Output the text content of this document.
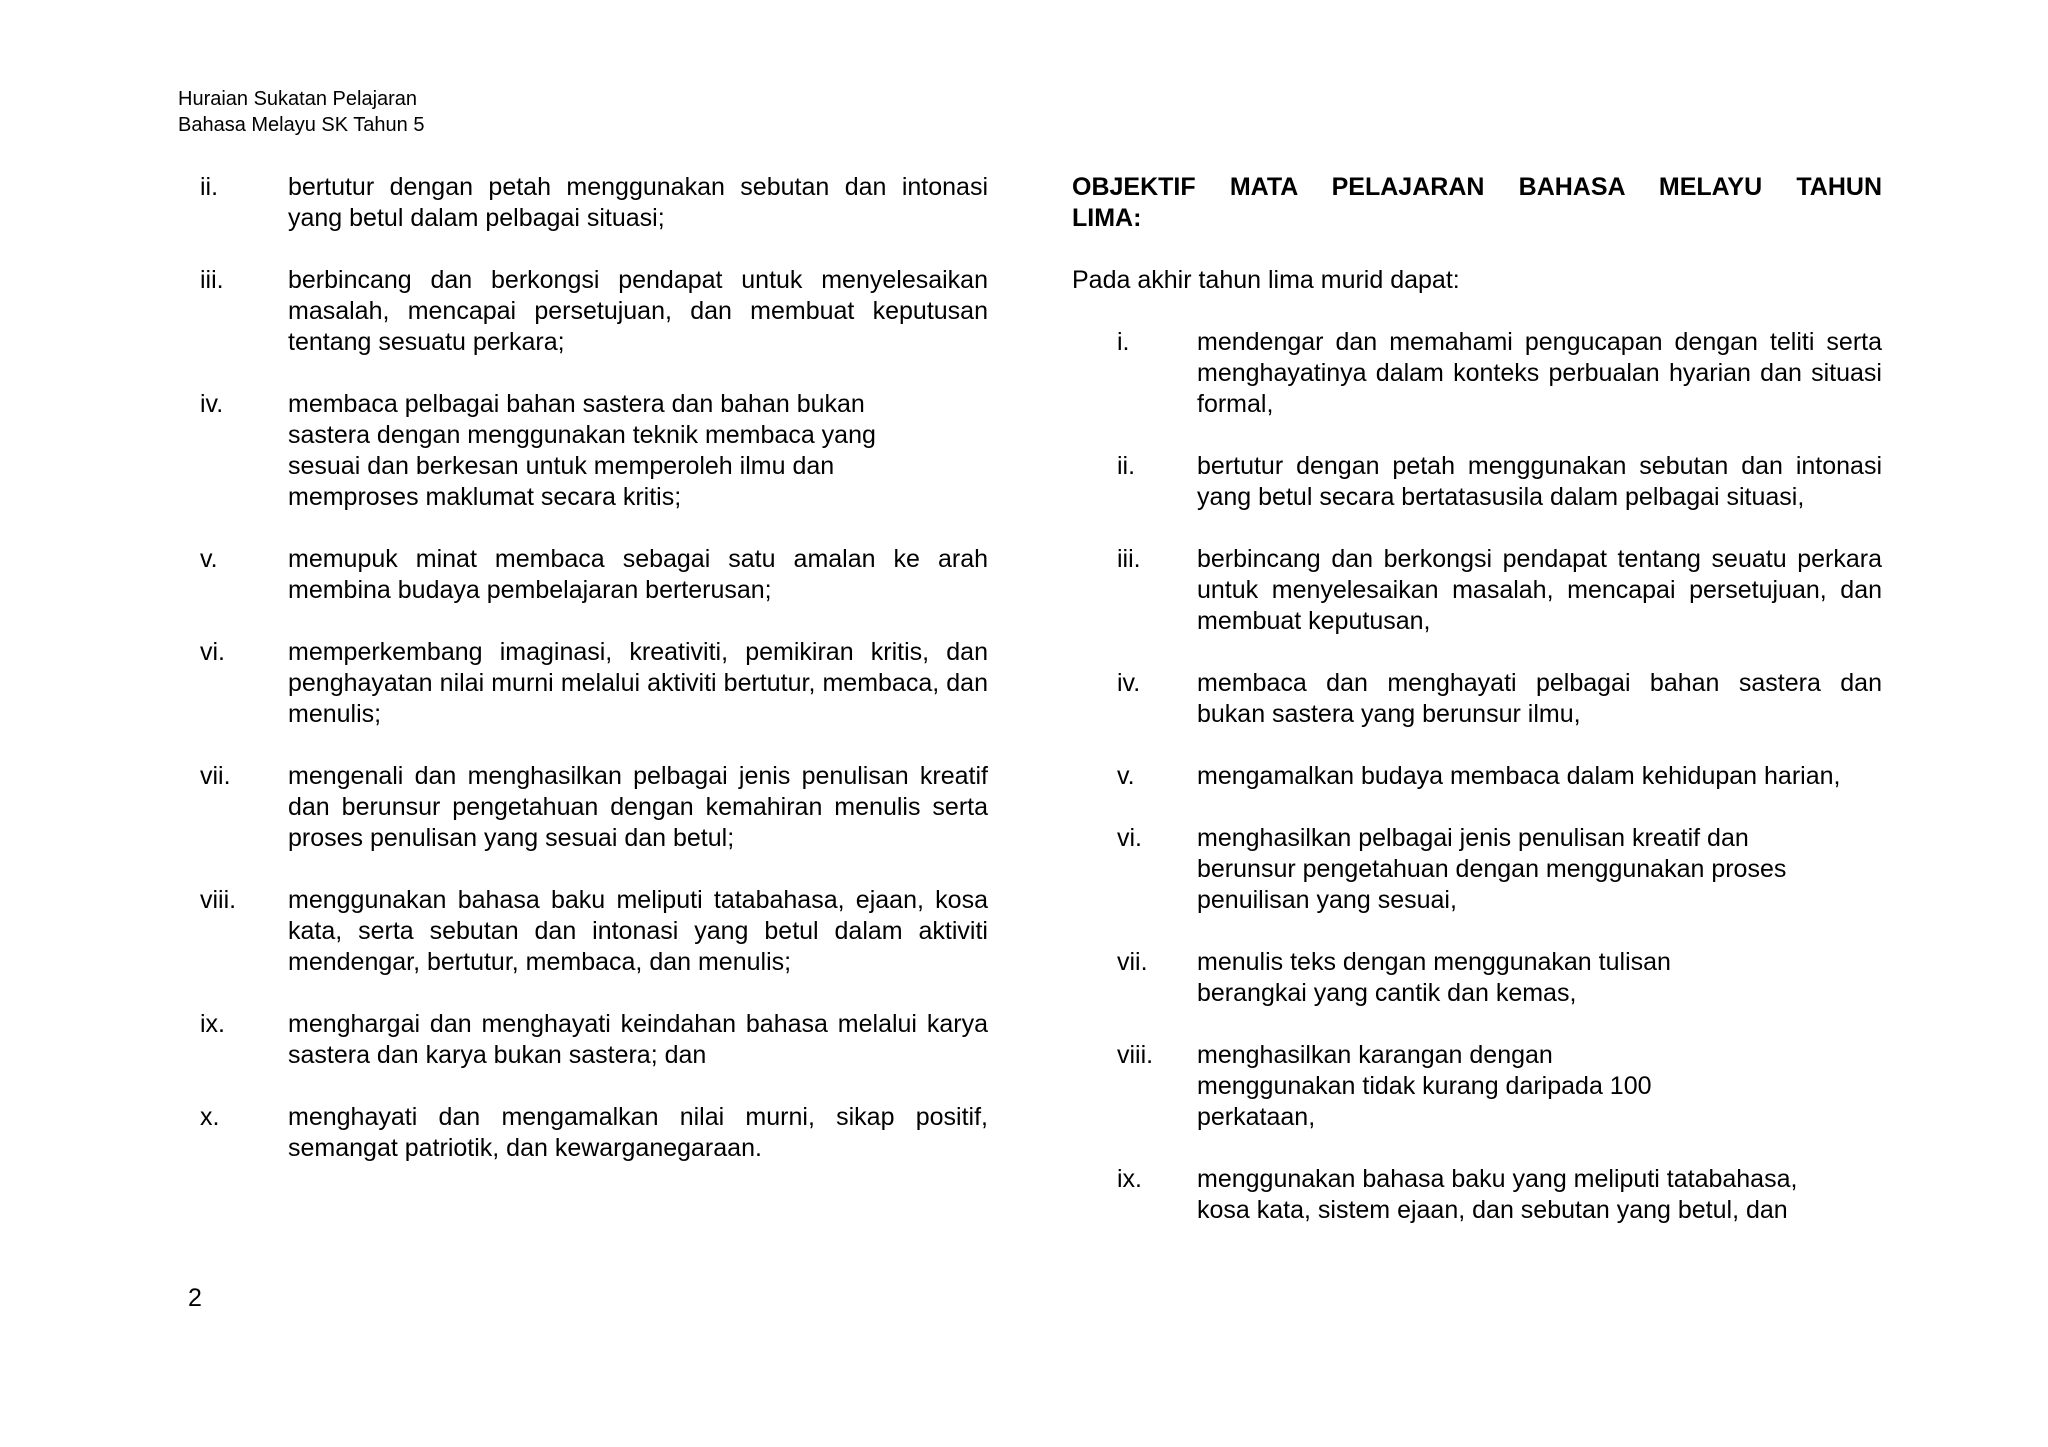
Huraian Sukatan Pelajaran
Bahasa Melayu SK Tahun 5
ii.	bertutur dengan petah menggunakan sebutan dan intonasi yang betul dalam pelbagai situasi;
iii.	berbincang dan berkongsi pendapat untuk menyelesaikan masalah, mencapai persetujuan, dan membuat keputusan tentang sesuatu perkara;
iv.	membaca pelbagai bahan sastera dan bahan bukan sastera dengan menggunakan teknik membaca yang sesuai dan berkesan untuk memperoleh ilmu dan memproses maklumat secara kritis;
v.	memupuk minat membaca sebagai satu amalan ke arah membina budaya pembelajaran berterusan;
vi.	memperkembang imaginasi, kreativiti, pemikiran kritis, dan penghayatan nilai murni melalui aktiviti bertutur, membaca, dan menulis;
vii.	mengenali dan menghasilkan pelbagai jenis penulisan kreatif dan berunsur pengetahuan dengan kemahiran menulis serta proses penulisan yang sesuai dan betul;
viii.	menggunakan bahasa baku meliputi tatabahasa, ejaan, kosa kata, serta sebutan dan intonasi yang betul dalam aktiviti mendengar, bertutur, membaca, dan menulis;
ix.	menghargai dan menghayati keindahan bahasa melalui karya sastera dan karya bukan sastera; dan
x.	menghayati dan mengamalkan nilai murni, sikap positif, semangat patriotik, dan kewarganegaraan.
OBJEKTIF MATA PELAJARAN BAHASA MELAYU TAHUN
LIMA:
Pada akhir tahun lima murid dapat:
i.	mendengar dan memahami pengucapan dengan teliti serta menghayatinya dalam konteks perbualan hyarian dan situasi formal,
ii.	bertutur dengan petah menggunakan sebutan dan intonasi yang betul secara bertatasusila dalam pelbagai situasi,
iii.	berbincang dan berkongsi pendapat tentang seuatu perkara untuk menyelesaikan masalah, mencapai persetujuan, dan membuat keputusan,
iv.	membaca dan menghayati pelbagai bahan sastera dan bukan sastera yang berunsur ilmu,
v.	mengamalkan budaya membaca dalam kehidupan harian,
vi.	menghasilkan pelbagai jenis penulisan kreatif dan berunsur pengetahuan dengan menggunakan proses penuilisan yang sesuai,
vii.	menulis teks dengan menggunakan tulisan berangkai yang cantik dan kemas,
viii.	menghasilkan karangan dengan menggunakan tidak kurang daripada 100 perkataan,
ix.	menggunakan bahasa baku yang meliputi tatabahasa, kosa kata, sistem ejaan, dan sebutan yang betul, dan
2
